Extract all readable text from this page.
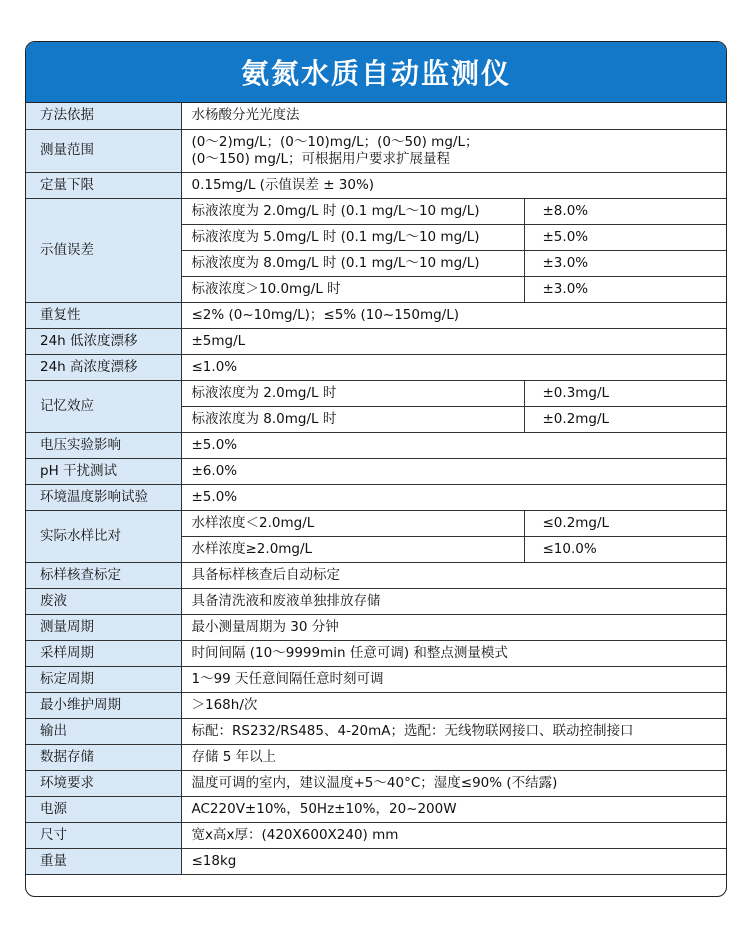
氨氮水质自动监测仪
方法依据	水杨酸分光光度法	
测量范围	(0～2)mg/L；(0～10)mg/L；(0～50) mg/L；
(0～150) mg/L；可根据用户要求扩展量程	

定量下限	0.15mg/L (示值误差 ± 30%)	
示值误差	标液浓度为 2.0mg/L 时 (0.1 mg/L～10 mg/L)	±8.0%
	标液浓度为 5.0mg/L 时 (0.1 mg/L～10 mg/L)	±5.0%
	标液浓度为 8.0mg/L 时 (0.1 mg/L～10 mg/L)	±3.0%
	标液浓度＞10.0mg/L 时	±3.0%
重复性	≤2% (0~10mg/L)；≤5% (10~150mg/L)	
24h 低浓度漂移	±5mg/L	
24h 高浓度漂移	≤1.0%	
记忆效应	标液浓度为 2.0mg/L 时	±0.3mg/L
	标液浓度为 8.0mg/L 时	±0.2mg/L
电压实验影响	±5.0%	
pH 干扰测试	±6.0%	
环境温度影响试验	±5.0%	
实际水样比对	水样浓度＜2.0mg/L	≤0.2mg/L
	水样浓度≥2.0mg/L	≤10.0%
标样核查标定	具备标样核查后自动标定	
废液	具备清洗液和废液单独排放存储	
测量周期	最小测量周期为 30 分钟	
采样周期	时间间隔 (10～9999min 任意可调) 和整点测量模式	
标定周期	1～99 天任意间隔任意时刻可调	
最小维护周期	＞168h/次	
输出	标配：RS232/RS485、4-20mA；选配：无线物联网接口、联动控制接口	
数据存储	存储 5 年以上	
环境要求	温度可调的室内，建议温度+5～40°C；湿度≤90% (不结露)	
电源	AC220V±10%，50Hz±10%，20~200W	
尺寸	宽x高x厚：(420X600X240) mm	
重量	≤18kg	
